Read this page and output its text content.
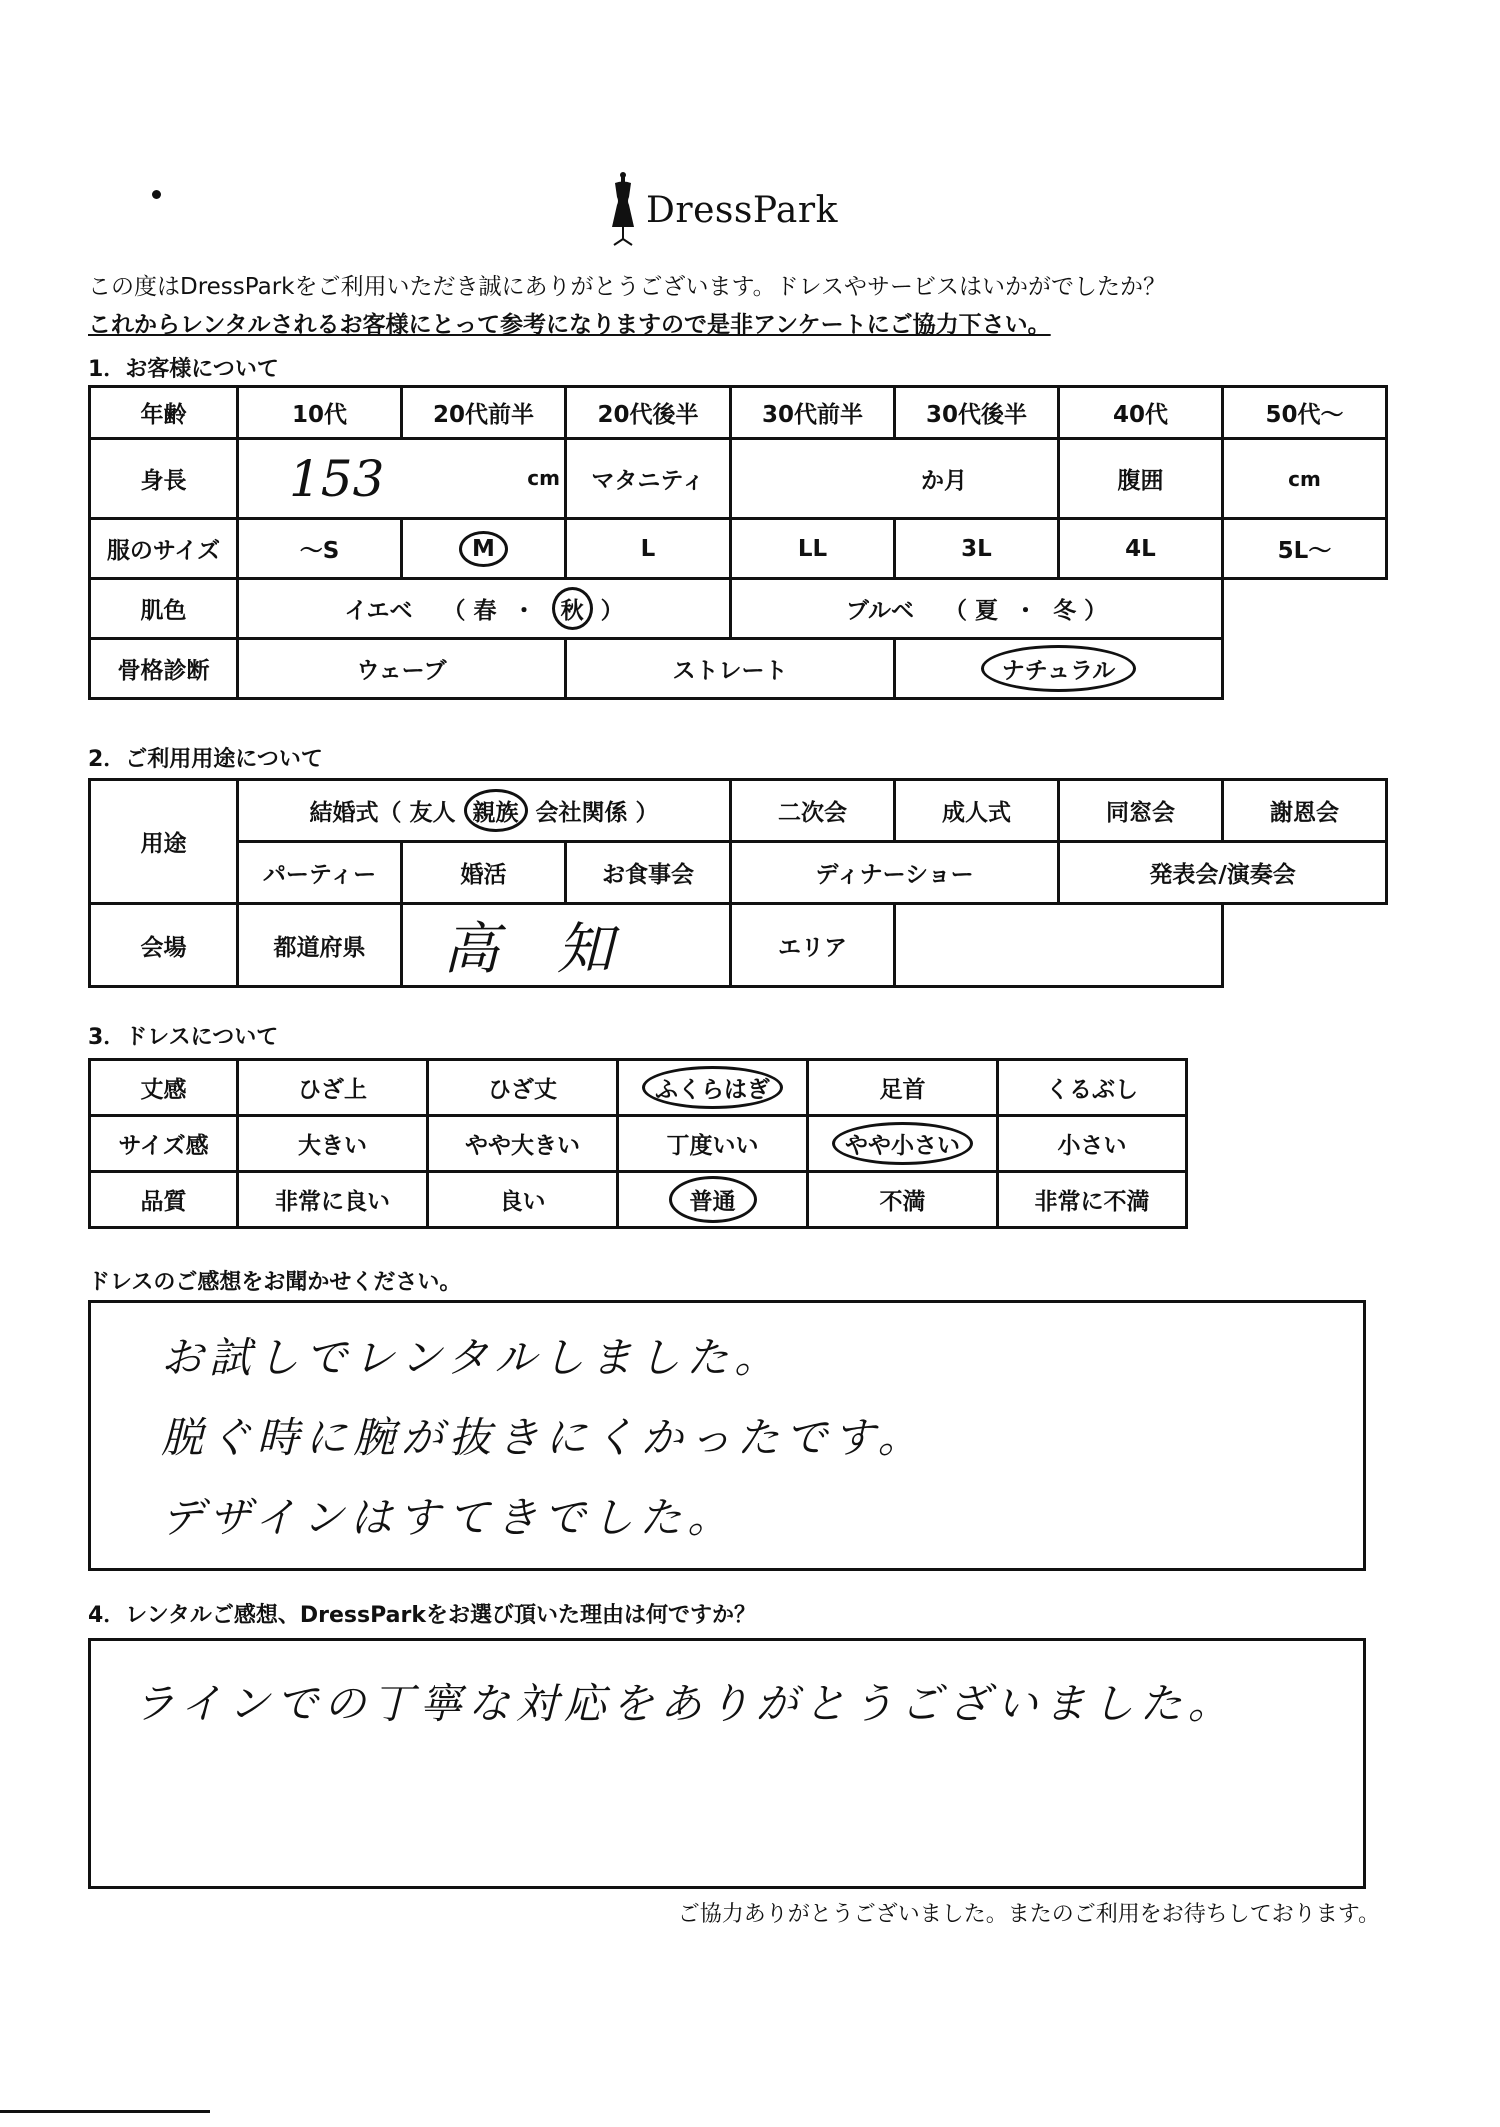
DressPark
この度はDressParkをご利用いただき誠にありがとうございます。ドレスやサービスはいかがでしたか？
これからレンタルされるお客様にとって参考になりますので是非アンケートにご協力下さい。
1．お客様について
年齢	10代	20代前半	20代後半	30代前半	30代後半	40代	50代～
身長	153 cm		マタニティ	か月		腹囲	cm
服のサイズ	～S	M	L	LL	3L	4L	5L～
肌色	イエベ （ 春 ・ 秋 ）			ブルベ （ 夏 ・ 冬 ）			
骨格診断	ウェーブ		ストレート		ナチュラル		
2．ご利用用途について
用途	結婚式（ 友人 親族 会社関係 ）			二次会	成人式	同窓会	謝恩会
	パーティー	婚活	お食事会	ディナーショー		発表会/演奏会	
会場	都道府県	高 知		エリア			
3．ドレスについて
丈感	ひざ上	ひざ丈	ふくらはぎ	足首	くるぶし
サイズ感	大きい	やや大きい	丁度いい	やや小さい	小さい
品質	非常に良い	良い	普通	不満	非常に不満
ドレスのご感想をお聞かせください。
お試しでレンタルしました。
脱ぐ時に腕が抜きにくかったです。
デザインはすてきでした。
4．レンタルご感想、DressParkをお選び頂いた理由は何ですか？
ラインでの丁寧な対応をありがとうございました。
ご協力ありがとうございました。またのご利用をお待ちしております。
